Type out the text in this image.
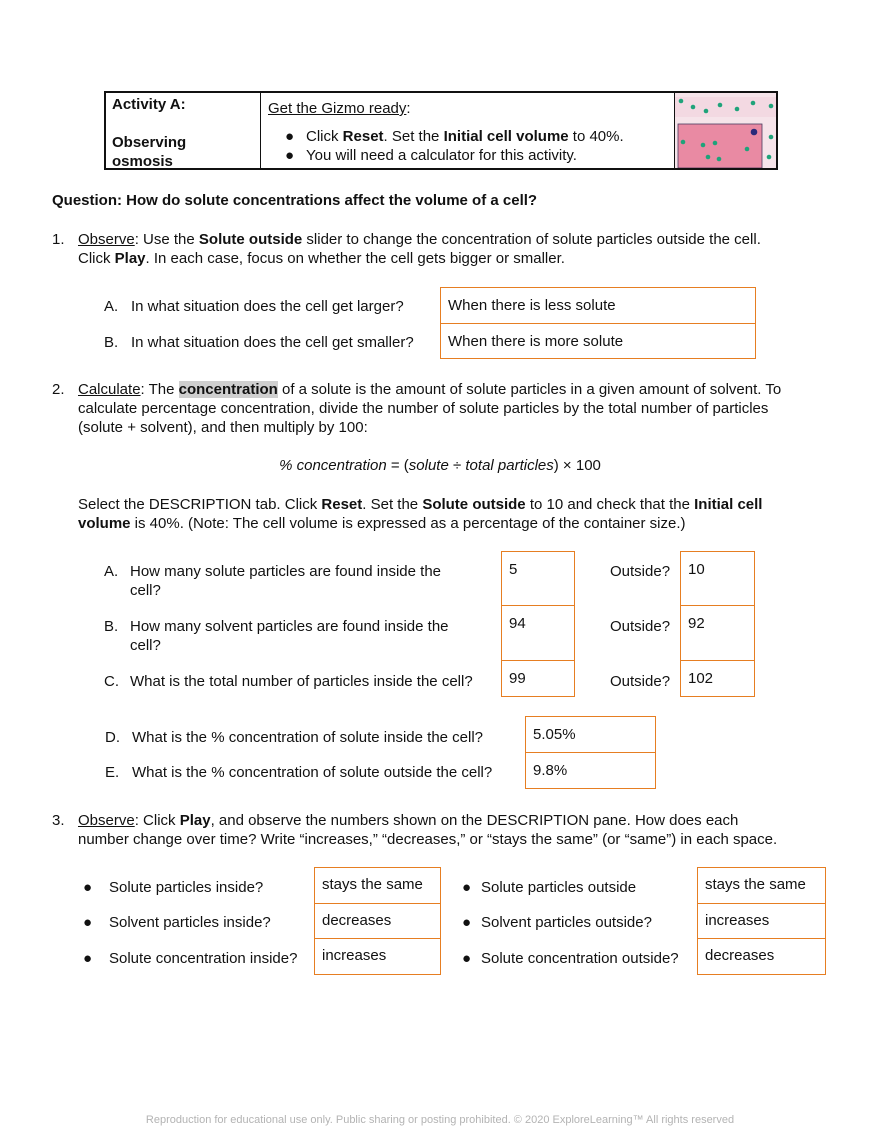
Activity A:
Observing
osmosis
Get the Gizmo ready:
● Click Reset. Set the Initial cell volume to 40%.
● You will need a calculator for this activity.
Question: How do solute concentrations affect the volume of a cell?
1. Observe: Use the Solute outside slider to change the concentration of solute particles outside the cell.
Click Play. In each case, focus on whether the cell gets bigger or smaller.
A. In what situation does the cell get larger?	When there is less solute
B. In what situation does the cell get smaller?	When there is more solute
2. Calculate: The concentration of a solute is the amount of solute particles in a given amount of solvent. To
calculate percentage concentration, divide the number of solute particles by the total number of particles
(solute + solvent), and then multiply by 100:
% concentration = (solute ÷ total particles) × 100
Select the DESCRIPTION tab. Click Reset. Set the Solute outside to 10 and check that the Initial cell
volume is 40%. (Note: The cell volume is expressed as a percentage of the container size.)
A. How many solute particles are found inside the
cell?
5	Outside?	10
B. How many solvent particles are found inside the
cell?
94	Outside?	92
C. What is the total number of particles inside the cell?	99	Outside?	102
D. What is the % concentration of solute inside the cell?	5.05%
E. What is the % concentration of solute outside the cell?	9.8%
3. Observe: Click Play, and observe the numbers shown on the DESCRIPTION pane. How does each
number change over time? Write “increases,” “decreases,” or “stays the same” (or “same”) in each space.
● Solute particles inside?	stays the same
● Solvent particles inside?	decreases
● Solute concentration inside?	increases
● Solute particles outside	stays the same
● Solvent particles outside?	increases
● Solute concentration outside?	decreases
Reproduction for educational use only. Public sharing or posting prohibited. © 2020 ExploreLearning™ All rights reserved
